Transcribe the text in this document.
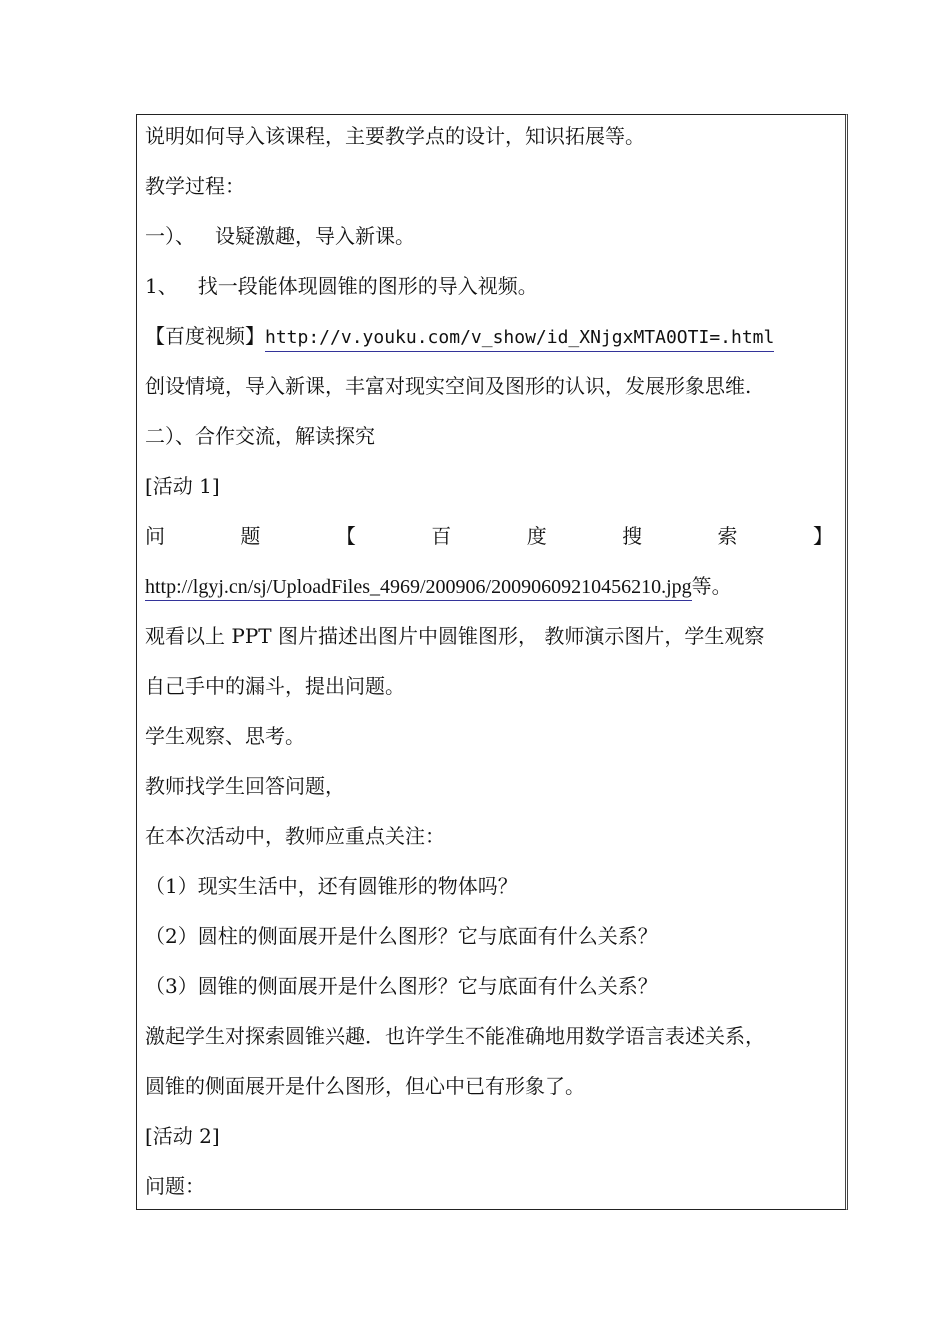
说明如何导入该课程，主要教学点的设计，知识拓展等。
教学过程：
一）、 设疑激趣，导入新课。
1、 找一段能体现圆锥的图形的导入视频。
【百度视频】http://v.youku.com/v_show/id_XNjgxMTA0OTI=.html
创设情境，导入新课，丰富对现实空间及图形的认识，发展形象思维.
二）、合作交流，解读探究
[活动 1]
问	题	【	百	度	搜	索	】
http://lgyj.cn/sj/UploadFiles_4969/200906/20090609210456210.jpg等。
观看以上 PPT 图片描述出图片中圆锥图形， 教师演示图片，学生观察
自己手中的漏斗，提出问题。
学生观察、思考。
教师找学生回答问题，
在本次活动中，教师应重点关注：
（1）现实生活中，还有圆锥形的物体吗？
（2）圆柱的侧面展开是什么图形？它与底面有什么关系？
（3）圆锥的侧面展开是什么图形？它与底面有什么关系？
激起学生对探索圆锥兴趣．也许学生不能准确地用数学语言表述关系，
圆锥的侧面展开是什么图形，但心中已有形象了。
[活动 2]
问题：
